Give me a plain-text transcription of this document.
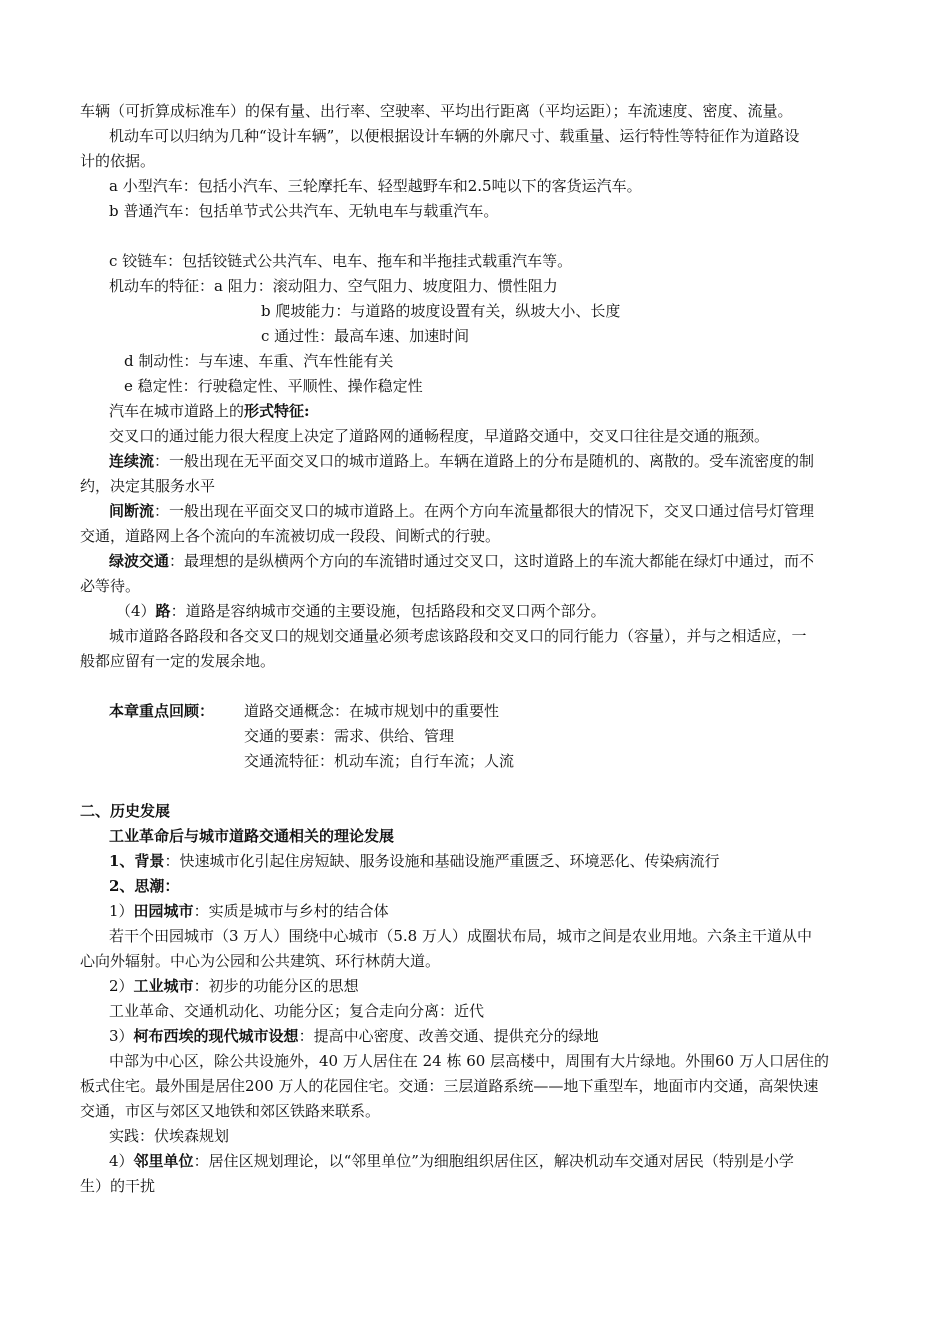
车辆（可折算成标准车）的保有量、出行率、空驶率、平均出行距离（平均运距）；车流速度、密度、流量。
机动车可以归纳为几种“设计车辆”，以便根据设计车辆的外廓尺寸、载重量、运行特性等特征作为道路设
计的依据。
a 小型汽车：包括小汽车、三轮摩托车、轻型越野车和2.5吨以下的客货运汽车。
b 普通汽车：包括单节式公共汽车、无轨电车与载重汽车。
c 铰链车：包括铰链式公共汽车、电车、拖车和半拖挂式载重汽车等。
机动车的特征：a 阻力：滚动阻力、空气阻力、坡度阻力、惯性阻力
b 爬坡能力：与道路的坡度设置有关，纵坡大小、长度
c 通过性：最高车速、加速时间
d 制动性：与车速、车重、汽车性能有关
e 稳定性：行驶稳定性、平顺性、操作稳定性
汽车在城市道路上的形式特征:
交叉口的通过能力很大程度上决定了道路网的通畅程度，早道路交通中，交叉口往往是交通的瓶颈。
连续流：一般出现在无平面交叉口的城市道路上。车辆在道路上的分布是随机的、离散的。受车流密度的制
约，决定其服务水平
间断流：一般出现在平面交叉口的城市道路上。在两个方向车流量都很大的情况下，交叉口通过信号灯管理
交通，道路网上各个流向的车流被切成一段段、间断式的行驶。
绿波交通：最理想的是纵横两个方向的车流错时通过交叉口，这时道路上的车流大都能在绿灯中通过，而不
必等待。
（4）路：道路是容纳城市交通的主要设施，包括路段和交叉口两个部分。
城市道路各路段和各交叉口的规划交通量必须考虑该路段和交叉口的同行能力（容量），并与之相适应，一
般都应留有一定的发展余地。
本章重点回顾： 道路交通概念：在城市规划中的重要性
交通的要素：需求、供给、管理
交通流特征：机动车流；自行车流；人流
二、历史发展
工业革命后与城市道路交通相关的理论发展
1、背景：快速城市化引起住房短缺、服务设施和基础设施严重匮乏、环境恶化、传染病流行
2、思潮：
1）田园城市：实质是城市与乡村的结合体
若干个田园城市（3 万人）围绕中心城市（5.8 万人）成圈状布局，城市之间是农业用地。六条主干道从中
心向外辐射。中心为公园和公共建筑、环行林荫大道。
2）工业城市：初步的功能分区的思想
工业革命、交通机动化、功能分区；复合走向分离：近代
3）柯布西埃的现代城市设想：提高中心密度、改善交通、提供充分的绿地
中部为中心区，除公共设施外，40 万人居住在 24 栋 60 层高楼中，周围有大片绿地。外围60 万人口居住的
板式住宅。最外围是居住200 万人的花园住宅。交通：三层道路系统——地下重型车，地面市内交通，高架快速
交通，市区与郊区又地铁和郊区铁路来联系。
实践：伏埃森规划
4）邻里单位：居住区规划理论，以“邻里单位”为细胞组织居住区，解决机动车交通对居民（特别是小学
生）的干扰
